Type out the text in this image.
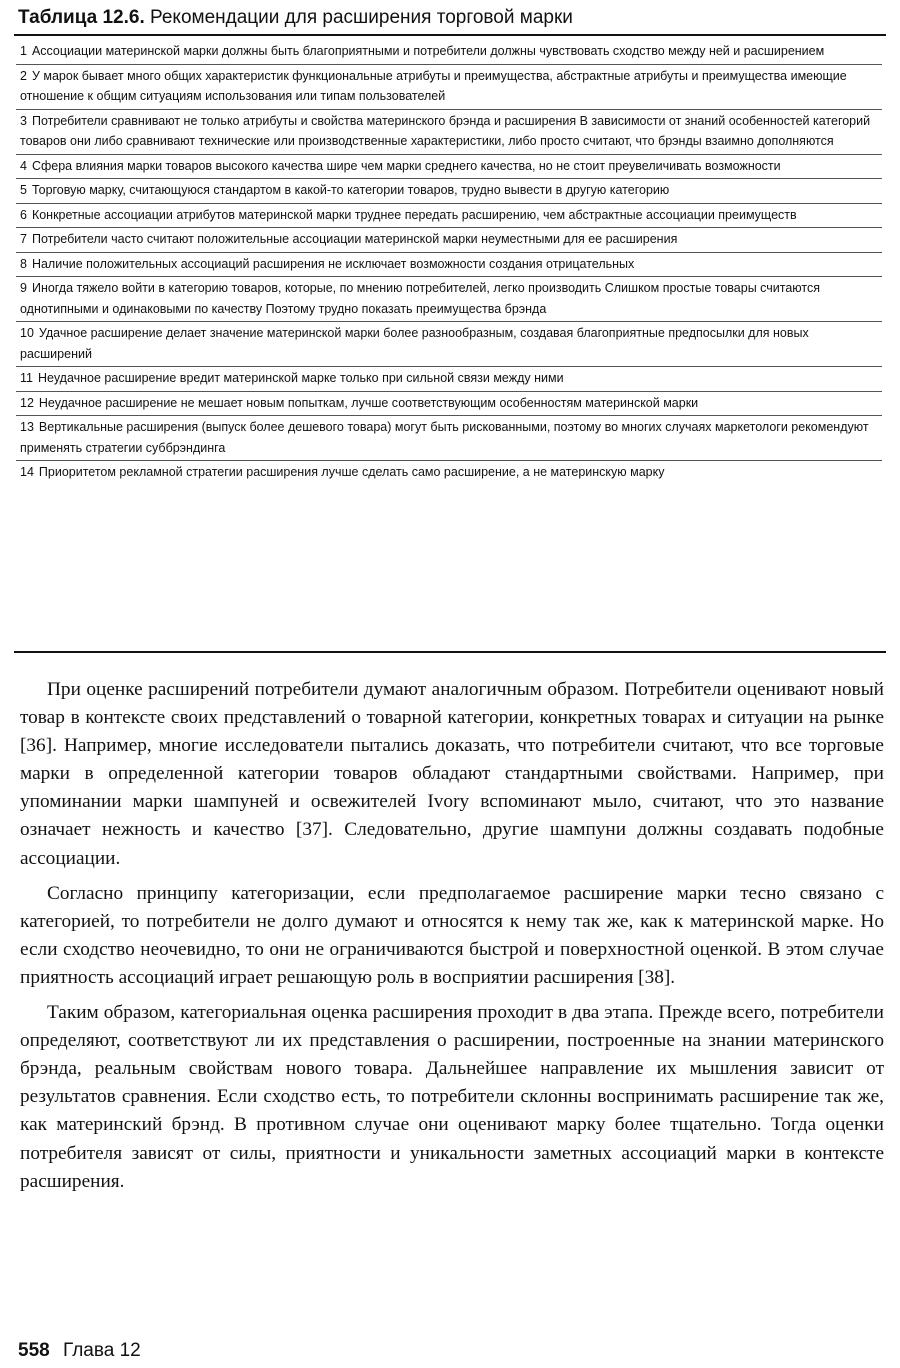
Таблица 12.6. Рекомендации для расширения торговой марки
1 Ассоциации материнской марки должны быть благоприятными и потребители должны чувствовать сходство между ней и расширением
2 У марок бывает много общих характеристик функциональные атрибуты и преимущества, абстрактные атрибуты и преимущества имеющие отношение к общим ситуациям использования или типам пользователей
3 Потребители сравнивают не только атрибуты и свойства материнского брэнда и расширения В зависимости от знаний особенностей категорий товаров они либо сравнивают технические или производственные характеристики, либо просто считают, что брэнды взаимно дополняются
4 Сфера влияния марки товаров высокого качества шире чем марки среднего качества, но не стоит преувеличивать возможности
5 Торговую марку, считающуюся стандартом в какой-то категории товаров, трудно вывести в другую категорию
6 Конкретные ассоциации атрибутов материнской марки труднее передать расширению, чем абстрактные ассоциации преимуществ
7 Потребители часто считают положительные ассоциации материнской марки неуместными для ее расширения
8 Наличие положительных ассоциаций расширения не исключает возможности создания отрицательных
9 Иногда тяжело войти в категорию товаров, которые, по мнению потребителей, легко производить Слишком простые товары считаются однотипными и одинаковыми по качеству Поэтому трудно показать преимущества брэнда
10 Удачное расширение делает значение материнской марки более разнообразным, создавая благоприятные предпосылки для новых расширений
11 Неудачное расширение вредит материнской марке только при сильной связи между ними
12 Неудачное расширение не мешает новым попыткам, лучше соответствующим особенностям материнской марки
13 Вертикальные расширения (выпуск более дешевого товара) могут быть рискованными, поэтому во многих случаях маркетологи рекомендуют применять стратегии суббрэндинга
14 Приоритетом рекламной стратегии расширения лучше сделать само расширение, а не материнскую марку

При оценке расширений потребители думают аналогичным образом. Потребители оценивают новый товар в контексте своих представлений о товарной категории, конкретных товарах и ситуации на рынке [36]. Например, многие исследователи пытались доказать, что потребители считают, что все торговые марки в определенной категории товаров обладают стандартными свойствами. Например, при упоминании марки шампуней и освежителей Ivory вспоминают мыло, считают, что это название означает нежность и качество [37]. Следовательно, другие шампуни должны создавать подобные ассоциации.

Согласно принципу категоризации, если предполагаемое расширение марки тесно связано с категорией, то потребители не долго думают и относятся к нему так же, как к материнской марке. Но если сходство неочевидно, то они не ограничиваются быстрой и поверхностной оценкой. В этом случае приятность ассоциаций играет решающую роль в восприятии расширения [38].

Таким образом, категориальная оценка расширения проходит в два этапа. Прежде всего, потребители определяют, соответствуют ли их представления о расширении, построенные на знании материнского брэнда, реальным свойствам нового товара. Дальнейшее направление их мышления зависит от результатов сравнения. Если сходство есть, то потребители склонны воспринимать расширение так же, как материнский брэнд. В противном случае они оценивают марку более тщательно. Тогда оценки потребителя зависят от силы, приятности и уникальности заметных ассоциаций марки в контексте расширения.

558 Глава 12
